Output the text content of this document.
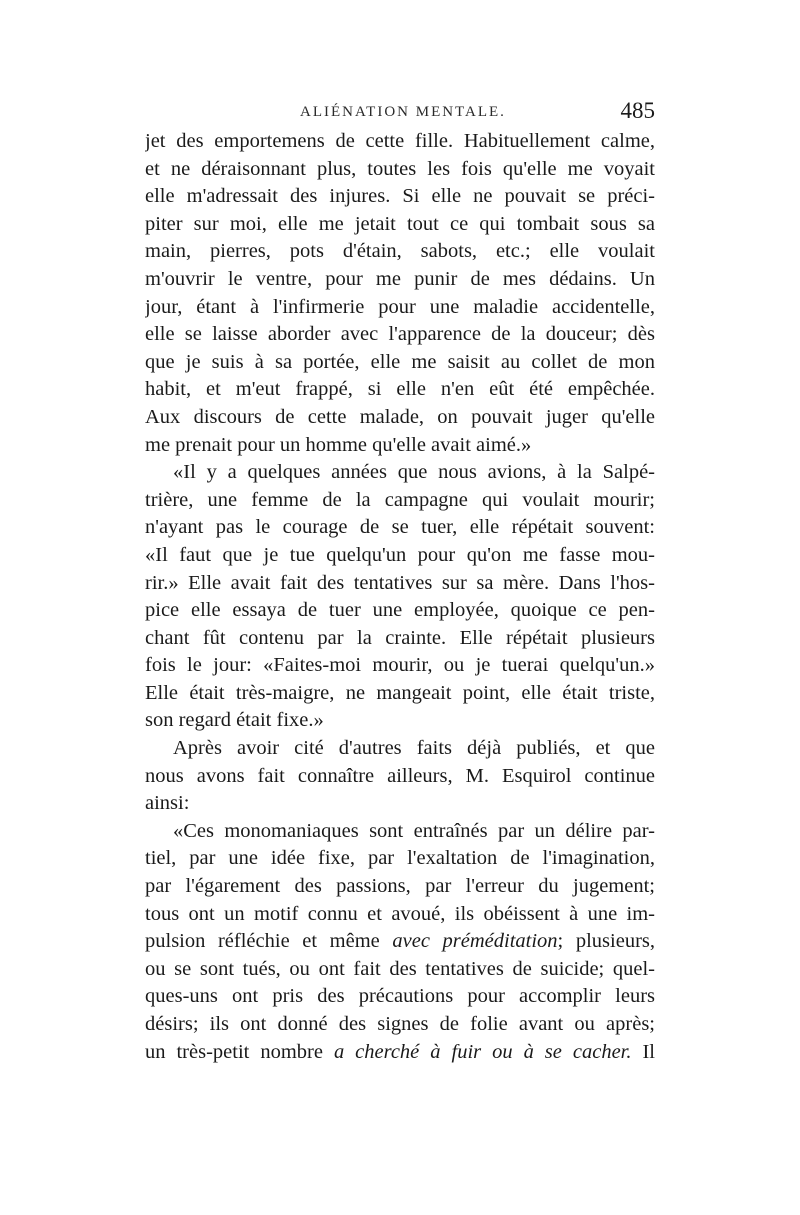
ALIÉNATION MENTALE.	485
jet des emportemens de cette fille. Habituellement calme,
et ne déraisonnant plus, toutes les fois qu'elle me voyait
elle m'adressait des injures. Si elle ne pouvait se préci-
piter sur moi, elle me jetait tout ce qui tombait sous sa
main, pierres, pots d'étain, sabots, etc.; elle voulait
m'ouvrir le ventre, pour me punir de mes dédains. Un
jour, étant à l'infirmerie pour une maladie accidentelle,
elle se laisse aborder avec l'apparence de la douceur; dès
que je suis à sa portée, elle me saisit au collet de mon
habit, et m'eut frappé, si elle n'en eût été empêchée.
Aux discours de cette malade, on pouvait juger qu'elle
me prenait pour un homme qu'elle avait aimé.»
«Il y a quelques années que nous avions, à la Salpé-
trière, une femme de la campagne qui voulait mourir;
n'ayant pas le courage de se tuer, elle répétait souvent:
«Il faut que je tue quelqu'un pour qu'on me fasse mou-
rir.» Elle avait fait des tentatives sur sa mère. Dans l'hos-
pice elle essaya de tuer une employée, quoique ce pen-
chant fût contenu par la crainte. Elle répétait plusieurs
fois le jour: «Faites-moi mourir, ou je tuerai quelqu'un.»
Elle était très-maigre, ne mangeait point, elle était triste,
son regard était fixe.»
Après avoir cité d'autres faits déjà publiés, et que
nous avons fait connaître ailleurs, M. Esquirol continue
ainsi:
«Ces monomaniaques sont entraînés par un délire par-
tiel, par une idée fixe, par l'exaltation de l'imagination,
par l'égarement des passions, par l'erreur du jugement;
tous ont un motif connu et avoué, ils obéissent à une im-
pulsion réfléchie et même avec préméditation; plusieurs,
ou se sont tués, ou ont fait des tentatives de suicide; quel-
ques-uns ont pris des précautions pour accomplir leurs
désirs; ils ont donné des signes de folie avant ou après;
un très-petit nombre a cherché à fuir ou à se cacher. Il
